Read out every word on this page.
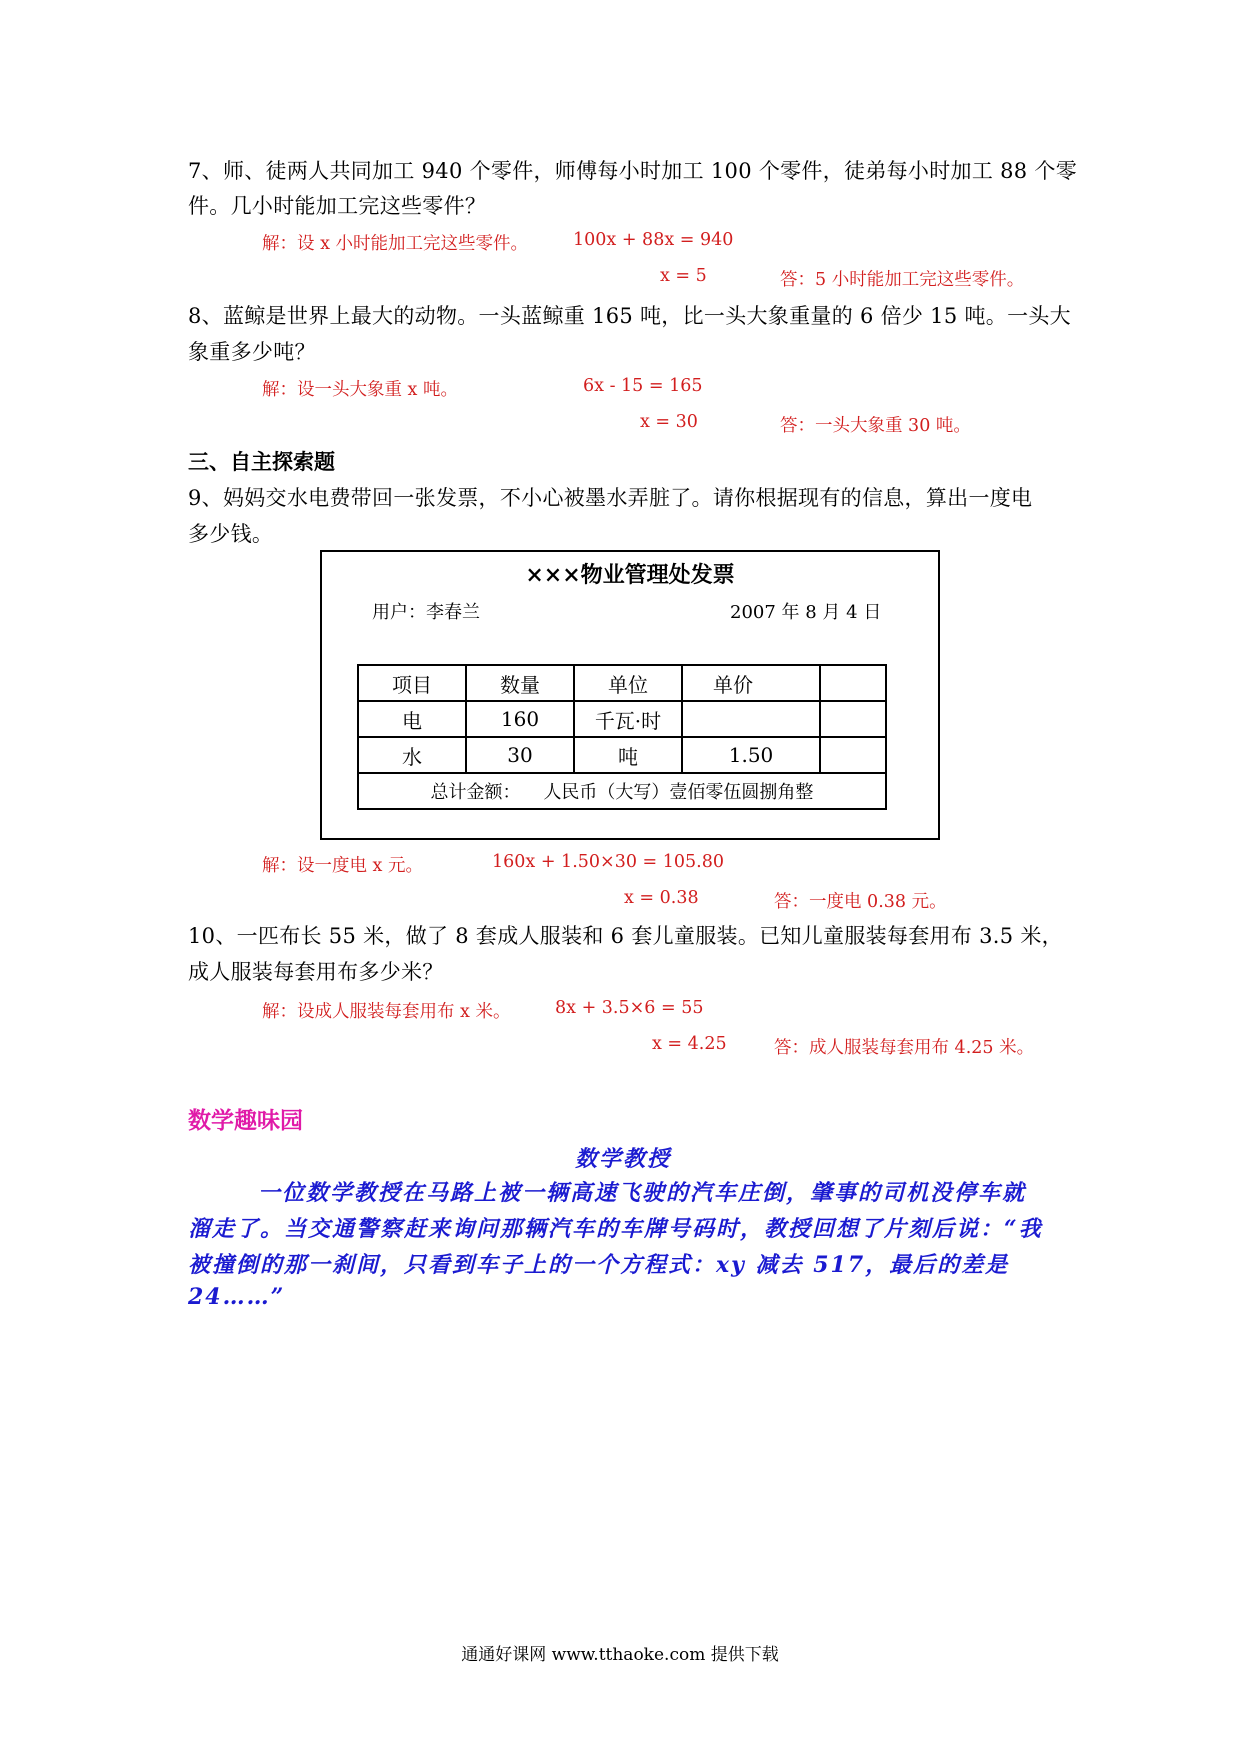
7、师、徒两人共同加工 940 个零件，师傅每小时加工 100 个零件，徒弟每小时加工 88 个零
件。几小时能加工完这些零件？
解：设 x 小时能加工完这些零件。	100x + 88x = 940
x = 5	答：5 小时能加工完这些零件。
8、蓝鲸是世界上最大的动物。一头蓝鲸重 165 吨，比一头大象重量的 6 倍少 15 吨。一头大
象重多少吨？
解：设一头大象重 x 吨。	6x - 15 = 165
x = 30	答：一头大象重 30 吨。
三、自主探索题
9、妈妈交水电费带回一张发票，不小心被墨水弄脏了。请你根据现有的信息，算出一度电
多少钱。
×××物业管理处发票
用户：李春兰	2007 年 8 月 4 日
项目	数量	单位	单价	
电	160	千瓦·时		
水	30	吨	1.50	
总计金额： 人民币（大写）壹佰零伍圆捌角整				
解：设一度电 x 元。	160x + 1.50×30 = 105.80
x = 0.38	答：一度电 0.38 元。
10、一匹布长 55 米，做了 8 套成人服装和 6 套儿童服装。已知儿童服装每套用布 3.5 米，
成人服装每套用布多少米？
解：设成人服装每套用布 x 米。	8x + 3.5×6 = 55
x = 4.25	答：成人服装每套用布 4.25 米。
数学趣味园
数学教授
一位数学教授在马路上被一辆高速飞驶的汽车庄倒，肇事的司机没停车就
溜走了。当交通警察赶来询问那辆汽车的车牌号码时，教授回想了片刻后说：“我
被撞倒的那一刹间，只看到车子上的一个方程式：xy 减去 517，最后的差是
24……”
通通好课网 www.tthaoke.com 提供下载
